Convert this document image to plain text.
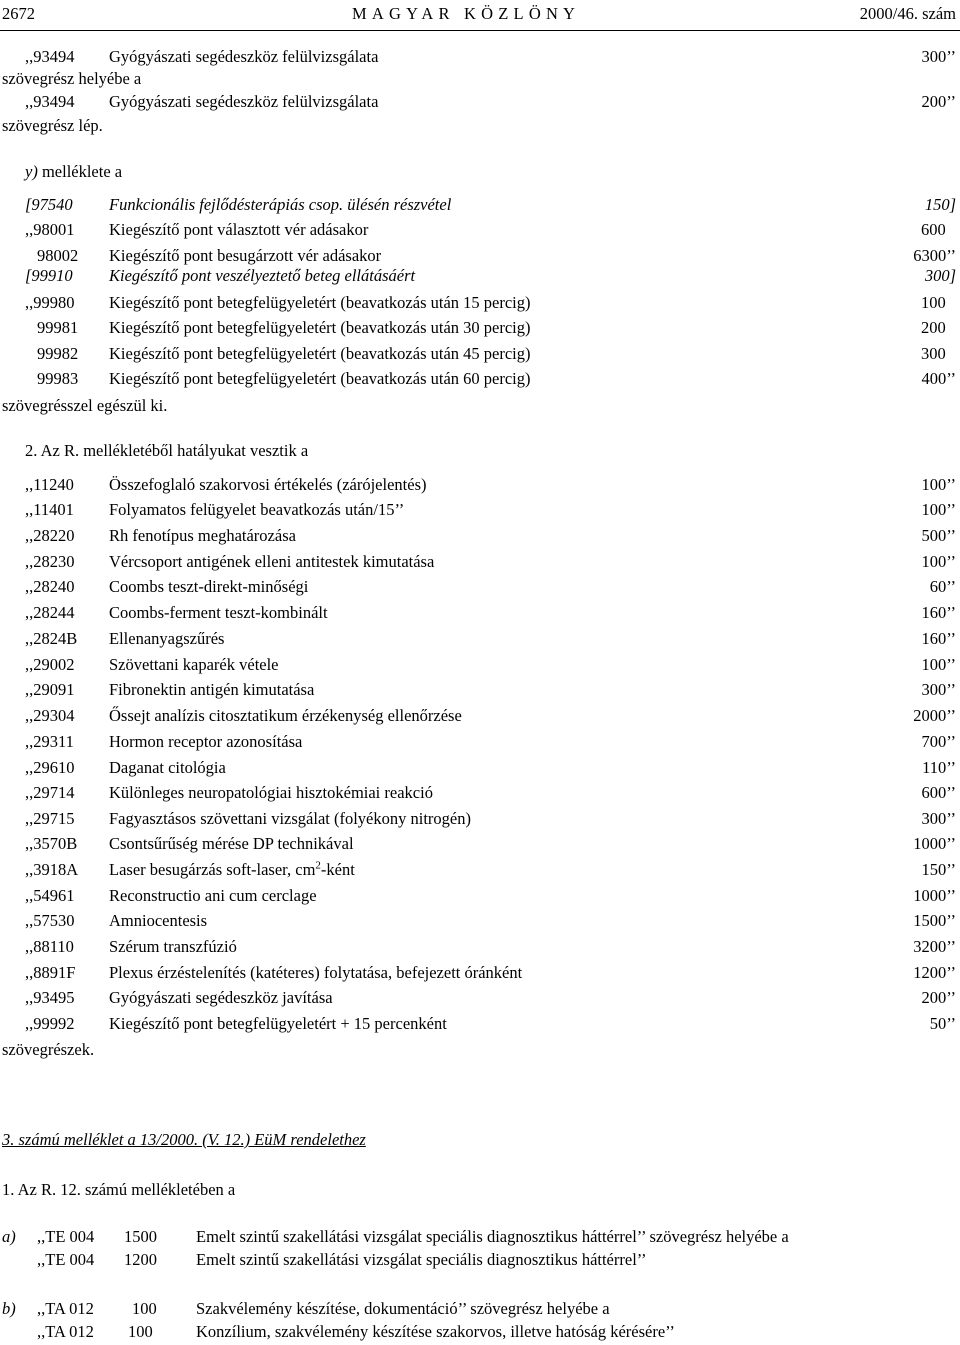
2672	MAGYAR KÖZLÖNY	2000/46. szám
,,93494 Gyógyászati segédeszköz felülvizsgálata	300’’
szövegrész helyébe a
,,93494 Gyógyászati segédeszköz felülvizsgálata	200’’
szövegrész lép.
y) melléklete a
[97540 Funkcionális fejlődésterápiás csop. ülésén részvétel	150]
,,98001 Kiegészítő pont választott vér adásakor	600
98002 Kiegészítő pont besugárzott vér adásakor	6300’’
[99910 Kiegészítő pont veszélyeztető beteg ellátásáért	300]
,,99980 Kiegészítő pont betegfelügyeletért (beavatkozás után 15 percig)	100
99981 Kiegészítő pont betegfelügyeletért (beavatkozás után 30 percig)	200
99982 Kiegészítő pont betegfelügyeletért (beavatkozás után 45 percig)	300
99983 Kiegészítő pont betegfelügyeletért (beavatkozás után 60 percig)	400’’
szövegrésszel egészül ki.
2. Az R. mellékletéből hatályukat vesztik a
,,11240 Összefoglaló szakorvosi értékelés (zárójelentés)	100’’
,,11401 Folyamatos felügyelet beavatkozás után/15’’	100’’
,,28220 Rh fenotípus meghatározása	500’’
,,28230 Vércsoport antigének elleni antitestek kimutatása	100’’
,,28240 Coombs teszt-direkt-minőségi	60’’
,,28244 Coombs-ferment teszt-kombinált	160’’
,,2824B Ellenanyagszűrés	160’’
,,29002 Szövettani kaparék vétele	100’’
,,29091 Fibronektin antigén kimutatása	300’’
,,29304 Őssejt analízis citosztatikum érzékenység ellenőrzése	2000’’
,,29311 Hormon receptor azonosítása	700’’
,,29610 Daganat citológia	110’’
,,29714 Különleges neuropatológiai hisztokémiai reakció	600’’
,,29715 Fagyasztásos szövettani vizsgálat (folyékony nitrogén)	300’’
,,3570B Csontsűrűség mérése DP technikával	1000’’
,,3918A Laser besugárzás soft-laser, $cm^2$-ként	150’’
,,54961 Reconstructio ani cum cerclage	1000’’
,,57530 Amniocentesis	1500’’
,,88110 Szérum transzfúzió	3200’’
,,8891F Plexus érzéstelenítés (katéteres) folytatása, befejezett óránként	1200’’
,,93495 Gyógyászati segédeszköz javítása	200’’
,,99992 Kiegészítő pont betegfelügyeletért + 15 percenként	50’’
szövegrészek.
3. számú melléklet a 13/2000. (V. 12.) EüM rendelethez
1. Az R. 12. számú mellékletében a
a) ,,TE 004 1500 Emelt szintű szakellátási vizsgálat speciális diagnosztikus háttérrel’’ szövegrész helyébe a
,,TE 004 1200 Emelt szintű szakellátási vizsgálat speciális diagnosztikus háttérrel’’
b) ,,TA 012 100 Szakvélemény készítése, dokumentáció’’ szövegrész helyébe a
,,TA 012 100	Konzílium, szakvélemény készítése szakorvos, illetve hatóság kérésére’’
